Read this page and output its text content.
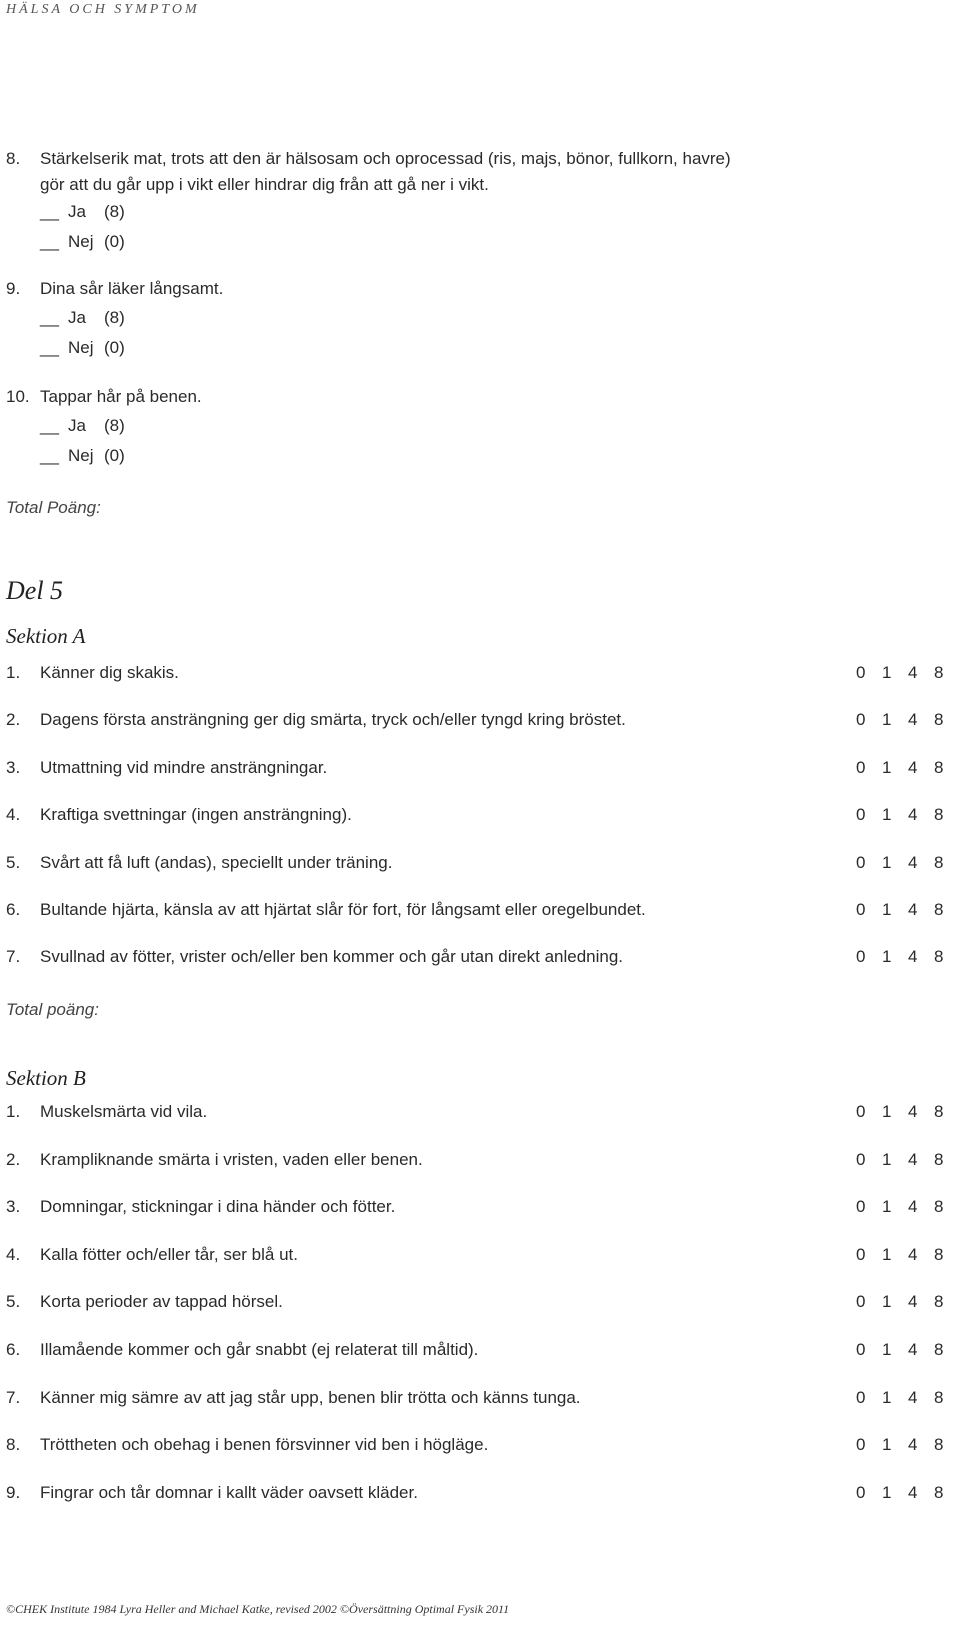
HÄLSA OCH SYMPTOM
8. Stärkelserik mat, trots att den är hälsosam och oprocessad (ris, majs, bönor, fullkorn, havre)
gör att du går upp i vikt eller hindrar dig från att gå ner i vikt.
__ Ja (8)
__ Nej (0)
9. Dina sår läker långsamt.
__ Ja (8)
__ Nej (0)
10. Tappar hår på benen.
__ Ja (8)
__ Nej (0)
Total Poäng:
Del 5
Sektion A
1. Känner dig skakis.	0 1 4 8
2. Dagens första ansträngning ger dig smärta, tryck och/eller tyngd kring bröstet.	0 1 4 8
3. Utmattning vid mindre ansträngningar.	0 1 4 8
4. Kraftiga svettningar (ingen ansträngning).	0 1 4 8
5. Svårt att få luft (andas), speciellt under träning.	0 1 4 8
6. Bultande hjärta, känsla av att hjärtat slår för fort, för långsamt eller oregelbundet.	0 1 4 8
7. Svullnad av fötter, vrister och/eller ben kommer och går utan direkt anledning.	0 1 4 8
Total poäng:
Sektion B
1. Muskelsmärta vid vila.	0 1 4 8
2. Krampliknande smärta i vristen, vaden eller benen.	0 1 4 8
3. Domningar, stickningar i dina händer och fötter.	0 1 4 8
4. Kalla fötter och/eller tår, ser blå ut.	0 1 4 8
5. Korta perioder av tappad hörsel.	0 1 4 8
6. Illamående kommer och går snabbt (ej relaterat till måltid).	0 1 4 8
7. Känner mig sämre av att jag står upp, benen blir trötta och känns tunga.	0 1 4 8
8. Tröttheten och obehag i benen försvinner vid ben i högläge.	0 1 4 8
9. Fingrar och tår domnar i kallt väder oavsett kläder.	0 1 4 8
©CHEK Institute 1984 Lyra Heller and Michael Katke, revised 2002 ©Översättning Optimal Fysik 2011
